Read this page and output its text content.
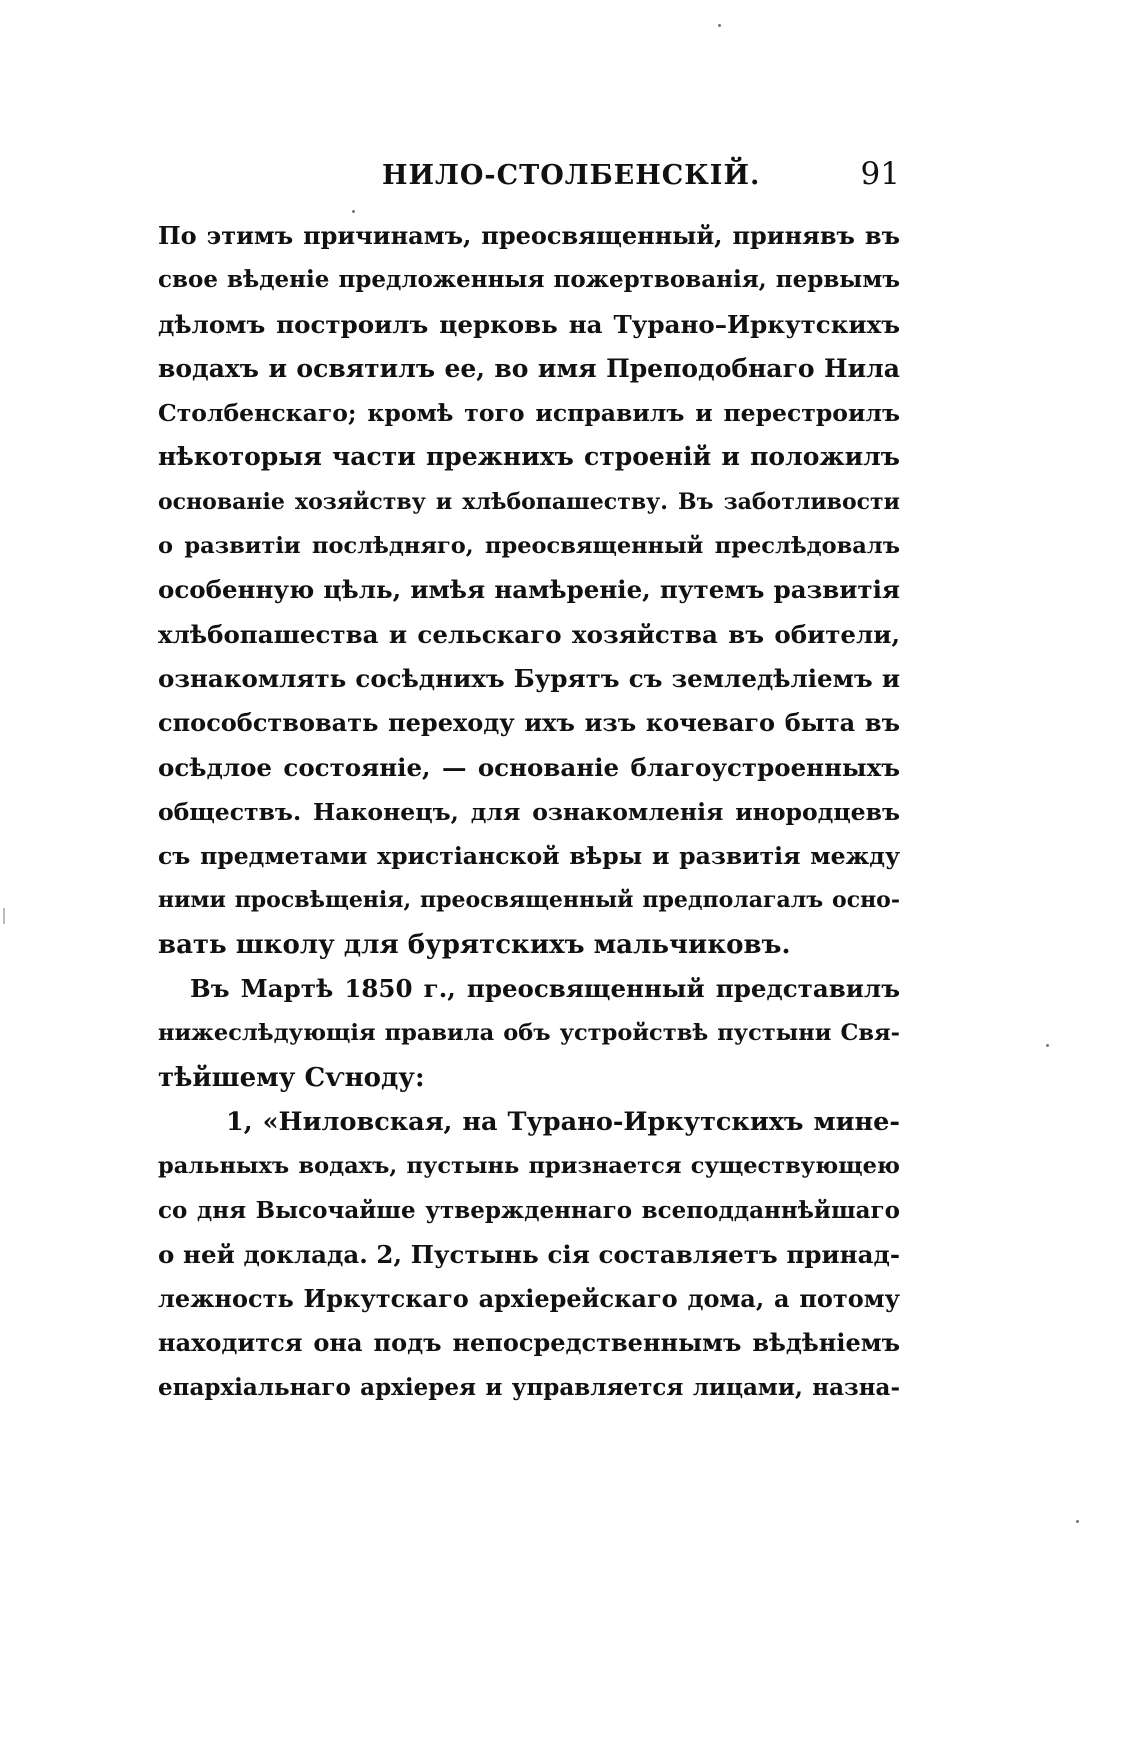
НИЛО-СТОЛБЕНСКІЙ.	91
По этимъ причинамъ, преосвященный, принявъ въ
свое вѣденіе предложенныя пожертвованія, первымъ
дѣломъ построилъ церковь на Турано–Иркутскихъ
водахъ и освятилъ ее, во имя Преподобнаго Нила
Столбенскаго; кромѣ того исправилъ и перестроилъ
нѣкоторыя части прежнихъ строеній и положилъ
основаніе хозяйству и хлѣбопашеству. Въ заботливости
о развитіи послѣдняго, преосвященный преслѣдовалъ
особенную цѣль, имѣя намѣреніе, путемъ развитія
хлѣбопашества и сельскаго хозяйства въ обители,
ознакомлять сосѣднихъ Бурятъ съ земледѣліемъ и
способствовать переходу ихъ изъ кочеваго быта въ
осѣдлое состояніе, — основаніе благоустроенныхъ
обществъ. Наконецъ, для ознакомленія инородцевъ
съ предметами христіанской вѣры и развитія между
ними просвѣщенія, преосвященный предполагалъ осно-
вать школу для бурятскихъ мальчиковъ.
Въ Мартѣ 1850 г., преосвященный представилъ
нижеслѣдующія правила объ устройствѣ пустыни Свя-
тѣйшему Сѵноду:
1, «Ниловская, на Турано-Иркутскихъ мине-
ральныхъ водахъ, пустынь признается существующею
со дня Высочайше утвержденнаго всеподданнѣйшаго
о ней доклада. 2, Пустынь сія составляетъ принад-
лежность Иркутскаго архіерейскаго дома, а потому
находится она подъ непосредственнымъ вѣдѣніемъ
епархіальнаго архіерея и управляется лицами, назна-
